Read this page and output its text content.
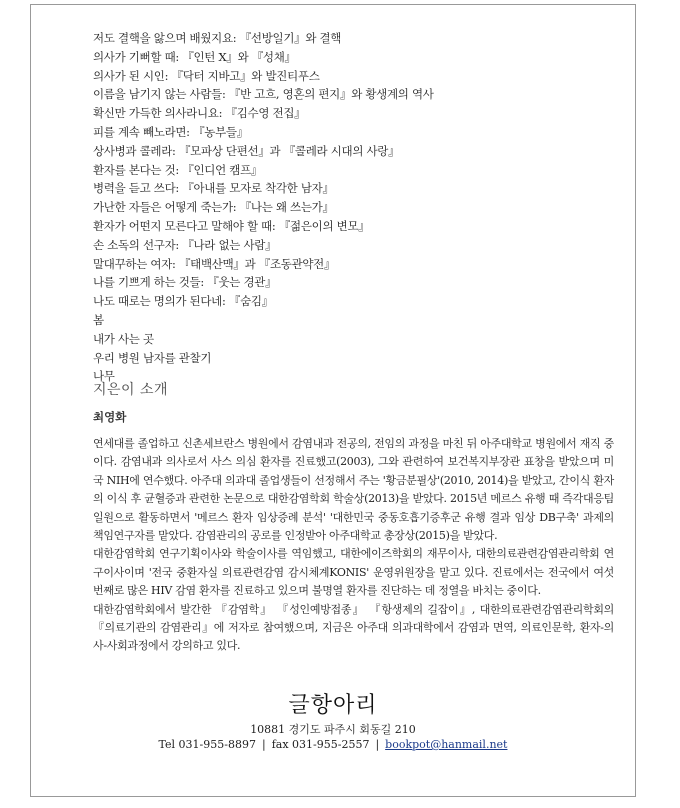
저도 결핵을 앓으며 배웠지요: 『선방일기』와 결핵
의사가 기뻐할 때: 『인턴 X』와 『성채』
의사가 된 시인: 『닥터 지바고』와 발진티푸스
이름을 남기지 않는 사람들: 『반 고흐, 영혼의 편지』와 황생계의 역사
확신만 가득한 의사라니요: 『김수영 전집』
피를 계속 빼노라면: 『농부들』
상사병과 콜레라: 『모파상 단편선』과 『콜레라 시대의 사랑』
환자를 본다는 것: 『인디언 캠프』
병력을 듣고 쓰다: 『아내를 모자로 착각한 남자』
가난한 자들은 어떻게 죽는가: 『나는 왜 쓰는가』
환자가 어떤지 모른다고 말해야 할 때: 『젊은이의 변모』
손 소독의 선구자: 『나라 없는 사람』
말대꾸하는 여자: 『태백산맥』과 『조동관약전』
나를 기쁘게 하는 것들: 『웃는 경관』
나도 때로는 명의가 된다네: 『숨김』
봄
내가 사는 곳
우리 병원 남자를 관찰기
나무
지은이 소개
최영화

연세대를 졸업하고 신촌세브란스 병원에서 감염내과 전공의, 전임의 과정을 마친 뒤 아주대학교 병원에서 재직 중이다. 감염내과 의사로서 사스 의심 환자를 진료했고(2003), 그와 관련하여 보건복지부장관 표창을 받았으며 미국 NIH에 연수했다. 아주대 의과대 졸업생들이 선정해서 주는 '황금분필상'(2010, 2014)을 받았고, 간이식 환자의 이식 후 균혈증과 관련한 논문으로 대한감염학회 학술상(2013)을 받았다. 2015년 메르스 유행 때 즉각대응팀 일원으로 활동하면서 '메르스 환자 임상증례 분석' '대한민국 중동호흡기증후군 유행 결과 임상 DB구축' 과제의 책임연구자를 맡았다. 감염관리의 공로를 인정받아 아주대학교 총장상(2015)을 받았다.

대한감염학회 연구기획이사와 학술이사를 역임했고, 대한에이즈학회의 재무이사, 대한의료관련감염관리학회 연구이사이며 '전국 중환자실 의료관련감염 감시체계KONIS' 운영위원장을 맡고 있다. 진료에서는 전국에서 여섯 번째로 많은 HIV 감염 환자를 진료하고 있으며 불명열 환자를 진단하는 데 정열을 바치는 중이다.

대한감염학회에서 발간한 『감염학』 『성인예방접종』 『항생제의 길잡이』, 대한의료관련감염관리학회의 『의료기관의 감염관리』에 저자로 참여했으며, 지금은 아주대 의과대학에서 감염과 면역, 의료인문학, 환자-의사-사회과정에서 강의하고 있다.

글항아리
10881 경기도 파주시 회동길 210
Tel 031-955-8897 | fax 031-955-2557 | bookpot@hanmail.net
